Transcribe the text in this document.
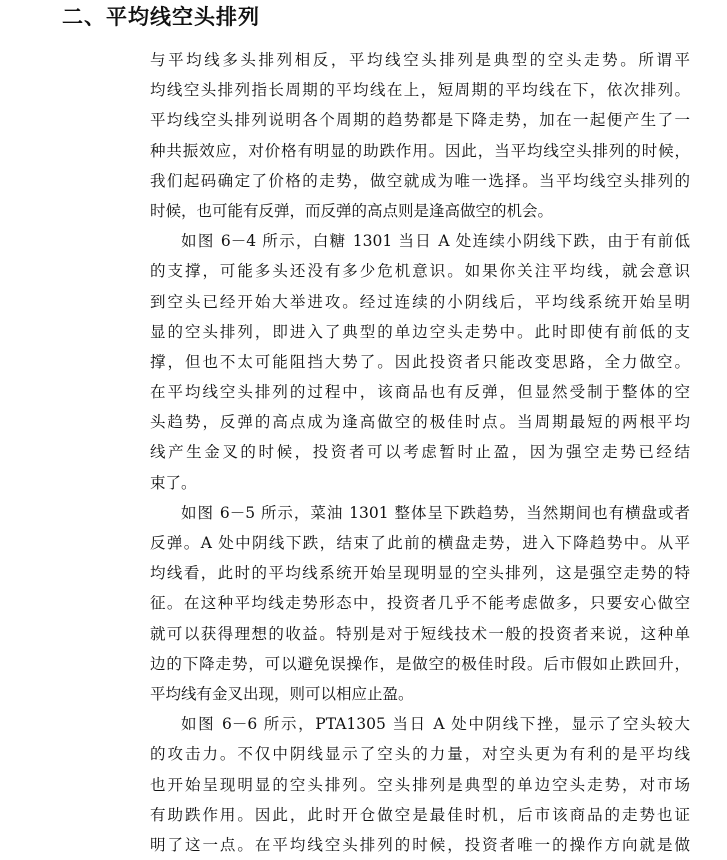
二、平均线空头排列

与平均线多头排列相反，平均线空头排列是典型的空头走势。所谓平
均线空头排列指长周期的平均线在上，短周期的平均线在下，依次排列。
平均线空头排列说明各个周期的趋势都是下降走势，加在一起便产生了一
种共振效应，对价格有明显的助跌作用。因此，当平均线空头排列的时候，
我们起码确定了价格的走势，做空就成为唯一选择。当平均线空头排列的
时候，也可能有反弹，而反弹的高点则是逢高做空的机会。

如图 6－4 所示，白糖 1301 当日 A 处连续小阴线下跌，由于有前低
的支撑，可能多头还没有多少危机意识。如果你关注平均线，就会意识
到空头已经开始大举进攻。经过连续的小阴线后，平均线系统开始呈明
显的空头排列，即进入了典型的单边空头走势中。此时即使有前低的支
撑，但也不太可能阻挡大势了。因此投资者只能改变思路，全力做空。
在平均线空头排列的过程中，该商品也有反弹，但显然受制于整体的空
头趋势，反弹的高点成为逢高做空的极佳时点。当周期最短的两根平均
线产生金叉的时候，投资者可以考虑暂时止盈，因为强空走势已经结
束了。

如图 6－5 所示，菜油 1301 整体呈下跌趋势，当然期间也有横盘或者
反弹。A 处中阴线下跌，结束了此前的横盘走势，进入下降趋势中。从平
均线看，此时的平均线系统开始呈现明显的空头排列，这是强空走势的特
征。在这种平均线走势形态中，投资者几乎不能考虑做多，只要安心做空
就可以获得理想的收益。特别是对于短线技术一般的投资者来说，这种单
边的下降走势，可以避免误操作，是做空的极佳时段。后市假如止跌回升，
平均线有金叉出现，则可以相应止盈。

如图 6－6 所示，PTA1305 当日 A 处中阴线下挫，显示了空头较大
的攻击力。不仅中阴线显示了空头的力量，对空头更为有利的是平均线
也开始呈现明显的空头排列。空头排列是典型的单边空头走势，对市场
有助跌作用。因此，此时开仓做空是最佳时机，后市该商品的走势也证
明了这一点。在平均线空头排列的时候，投资者唯一的操作方向就是做
